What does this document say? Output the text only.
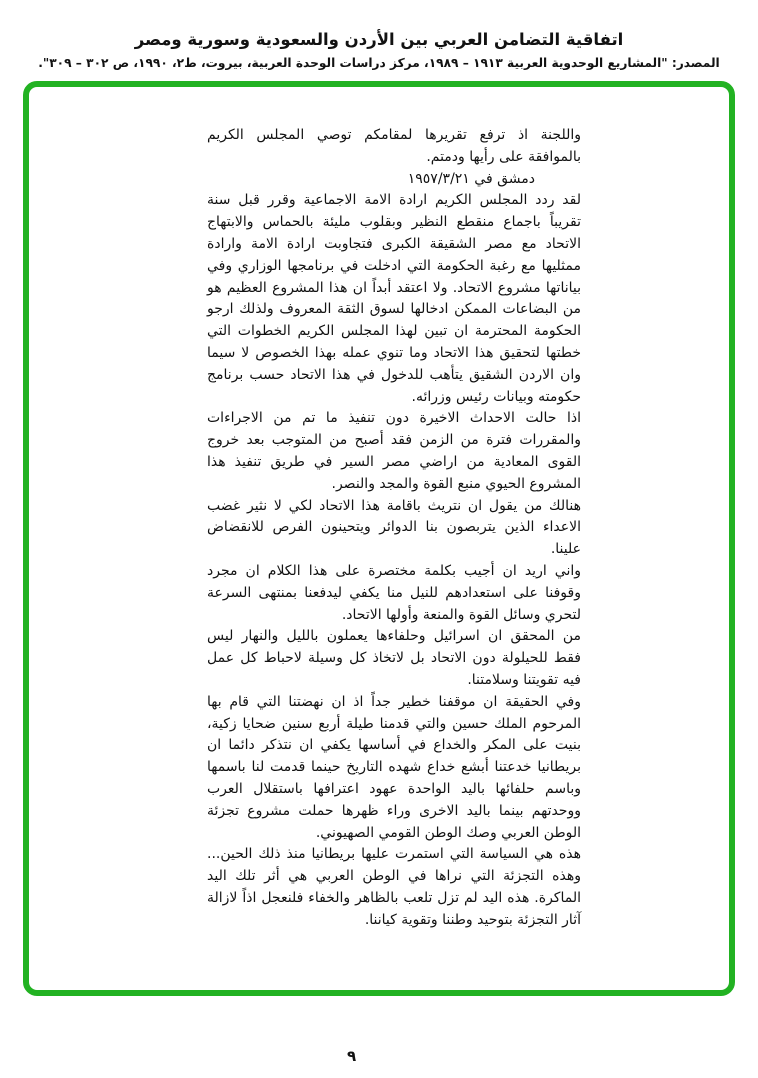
اتفاقية التضامن العربي بين الأردن والسعودية وسورية ومصر
المصدر: "المشاريع الوحدوية العربية ١٩١٣ – ١٩٨٩، مركز دراسات الوحدة العربية، بيروت، ط٢، ١٩٩٠، ص ٣٠٢ – ٣٠٩".

واللجنة اذ ترفع تقريرها لمقامكم توصي المجلس الكريم بالموافقة على رأيها ودمتم.

دمشق في ١٩٥٧/٣/٢١

لقد ردد المجلس الكريم ارادة الامة الاجماعية وقرر قبل سنة تقريباً باجماع منقطع النظير وبقلوب مليئة بالحماس والابتهاج الاتحاد مع مصر الشقيقة الكبرى فتجاوبت ارادة الامة وارادة ممثليها مع رغبة الحكومة التي ادخلت في برنامجها الوزاري وفي بياناتها مشروع الاتحاد. ولا اعتقد أبداً ان هذا المشروع العظيم هو من البضاعات الممكن ادخالها لسوق الثقة المعروف ولذلك ارجو الحكومة المحترمة ان تبين لهذا المجلس الكريم الخطوات التي خطتها لتحقيق هذا الاتحاد وما تنوي عمله بهذا الخصوص لا سيما وان الاردن الشقيق يتأهب للدخول في هذا الاتحاد حسب برنامج حكومته وبيانات رئيس وزرائه.

اذا حالت الاحداث الاخيرة دون تنفيذ ما تم من الاجراءات والمقررات فترة من الزمن فقد أصبح من المتوجب بعد خروج القوى المعادية من اراضي مصر السير في طريق تنفيذ هذا المشروع الحيوي منبع القوة والمجد والنصر.

هنالك من يقول ان نتريث باقامة هذا الاتحاد لكي لا نثير غضب الاعداء الذين يتربصون بنا الدوائر ويتحينون الفرص للانقضاض علينا.

واني اريد ان أجيب بكلمة مختصرة على هذا الكلام ان مجرد وقوفنا على استعدادهم للنيل منا يكفي ليدفعنا بمنتهى السرعة لتحري وسائل القوة والمنعة وأولها الاتحاد.

من المحقق ان اسرائيل وحلفاءها يعملون بالليل والنهار ليس فقط للحيلولة دون الاتحاد بل لاتخاذ كل وسيلة لاحباط كل عمل فيه تقويتنا وسلامتنا.

وفي الحقيقة ان موقفنا خطير جداً اذ ان نهضتنا التي قام بها المرحوم الملك حسين والتي قدمنا طيلة أربع سنين ضحايا زكية، بنيت على المكر والخداع في أساسها يكفي ان نتذكر دائما ان بريطانيا خدعتنا أبشع خداع شهده التاريخ حينما قدمت لنا باسمها وباسم حلفائها باليد الواحدة عهود اعترافها باستقلال العرب ووحدتهم بينما باليد الاخرى وراء ظهرها حملت مشروع تجزئة الوطن العربي وصك الوطن القومي الصهيوني.

هذه هي السياسة التي استمرت عليها بريطانيا منذ ذلك الحين... وهذه التجزئة التي نراها في الوطن العربي هي أثر تلك اليد الماكرة. هذه اليد لم تزل تلعب بالظاهر والخفاء فلنعجل اذاً لازالة آثار التجزئة بتوحيد وطننا وتقوية كياننا.

٩
